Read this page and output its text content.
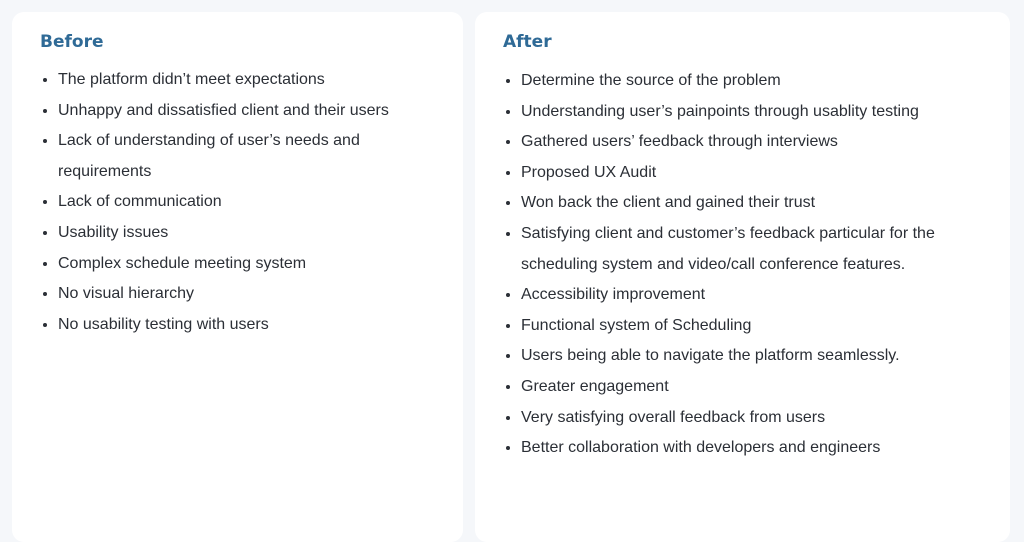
Before
The platform didn’t meet expectations
Unhappy and dissatisfied client and their users
Lack of understanding of user’s needs and requirements
Lack of communication
Usability issues
Complex schedule meeting system
No visual hierarchy
No usability testing with users
After
Determine the source of the problem
Understanding user’s painpoints through usablity testing
Gathered users’ feedback through interviews
Proposed UX Audit
Won back the client and gained their trust
Satisfying client and customer’s feedback particular for the scheduling system and video/call conference features.
Accessibility improvement
Functional system of Scheduling
Users being able to navigate the platform seamlessly.
Greater engagement
Very satisfying overall feedback from users
Better collaboration with developers and engineers
